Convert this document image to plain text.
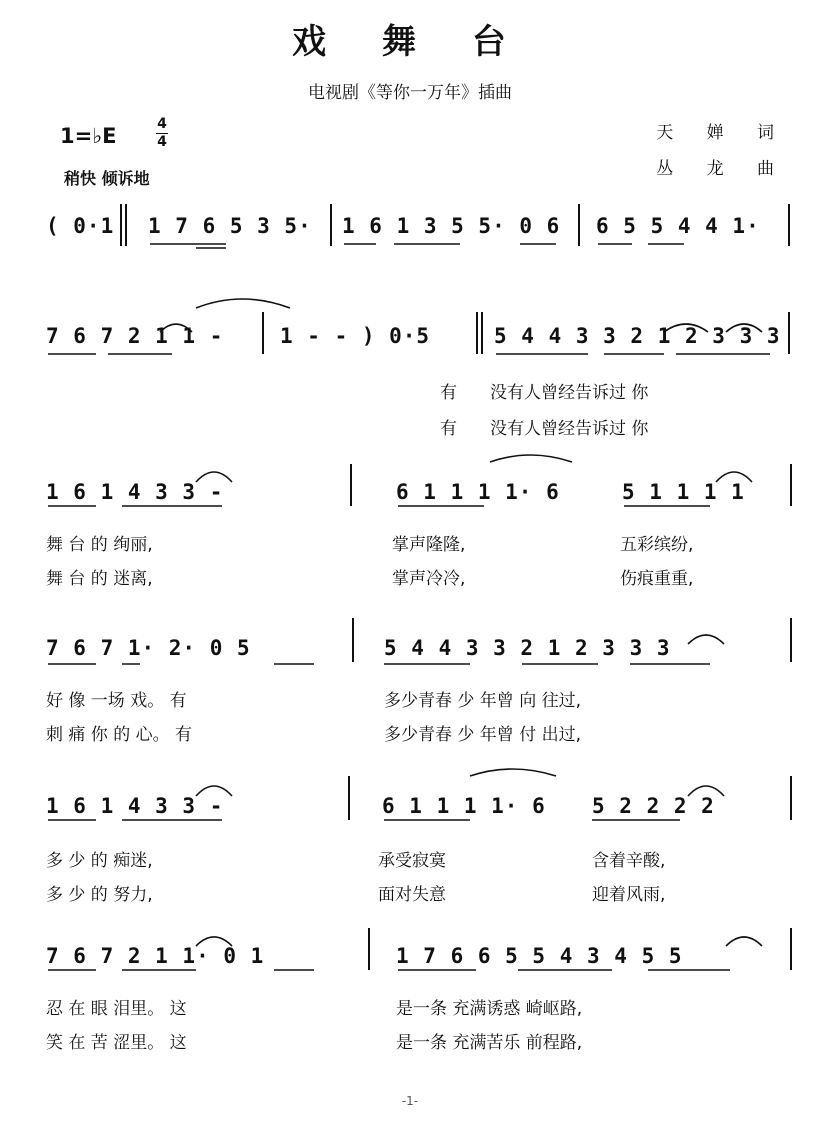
戏 舞 台
电视剧《等你一万年》插曲
1=♭E	4
4
稍快 倾诉地
天 婵 词
丛 龙 曲
( 0·1 1 7 6 5 3 5· 1 6 1 3 5 5· 0 6 6 5 5 4 4 1·
7 6 7 2 1 1 -	1 - - ) 0·5	5 4 4 3 3 2 1 2 3 3 3
有 没有人曾经告诉过 你
有 没有人曾经告诉过 你
1 6 1 4 3 3 -	6 1 1 1 1· 6	5 1 1 1 1
舞 台 的 绚丽,	掌声隆隆,	五彩缤纷,
舞 台 的 迷离,	掌声冷冷,	伤痕重重,
7 6 7 1· 2· 0 5	5 4 4 3 3 2 1 2 3 3 3
好 像 一场 戏。 有	多少青春 少 年曾 向 往过,
刺 痛 你 的 心。 有	多少青春 少 年曾 付 出过,
1 6 1 4 3 3 -	6 1 1 1 1· 6 5 2 2 2 2
多 少 的 痴迷,	承受寂寞	含着辛酸,
多 少 的 努力,	面对失意	迎着风雨,
7 6 7 2 1 1· 0 1	1 7 6 6 5 5 4 3 4 5 5
忍 在 眼 泪里。 这	是一条 充满诱惑 崎岖路,
笑 在 苦 涩里。 这	是一条 充满苦乐 前程路,
-1-
